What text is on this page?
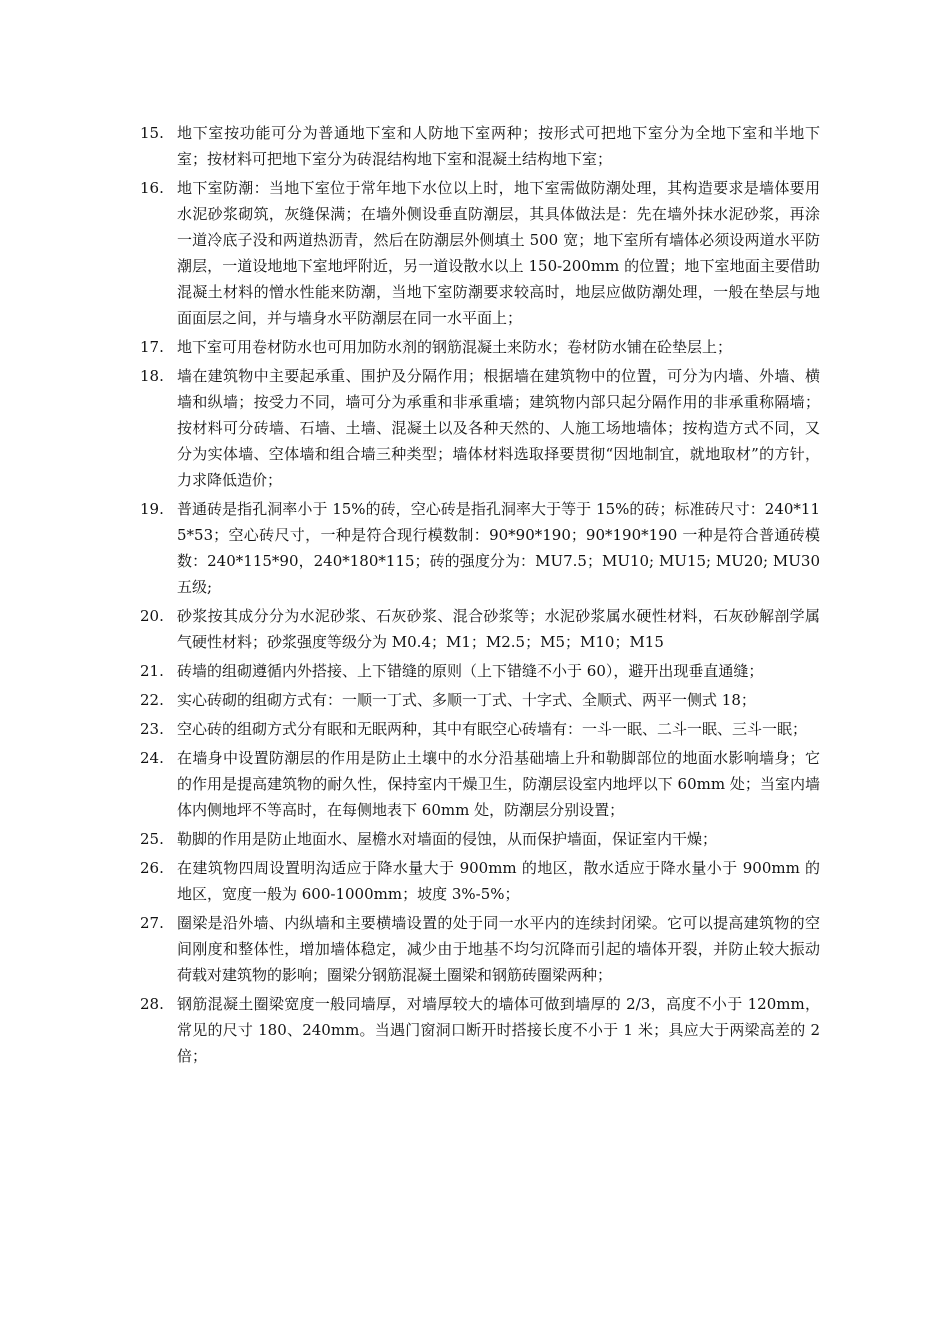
15. 地下室按功能可分为普通地下室和人防地下室两种；按形式可把地下室分为全地下室和半地下室；按材料可把地下室分为砖混结构地下室和混凝土结构地下室；
16. 地下室防潮：当地下室位于常年地下水位以上时，地下室需做防潮处理，其构造要求是墙体要用水泥砂浆砌筑，灰缝保满；在墙外侧设垂直防潮层，其具体做法是：先在墙外抹水泥砂浆，再涂一道冷底子没和两道热沥青，然后在防潮层外侧填土 500 宽；地下室所有墙体必须设两道水平防潮层，一道设地地下室地坪附近，另一道设散水以上 150-200mm 的位置；地下室地面主要借助混凝土材料的憎水性能来防潮，当地下室防潮要求较高时，地层应做防潮处理，一般在垫层与地面面层之间，并与墙身水平防潮层在同一水平面上；
17. 地下室可用卷材防水也可用加防水剂的钢筋混凝土来防水；卷材防水铺在砼垫层上；
18. 墙在建筑物中主要起承重、围护及分隔作用；根据墙在建筑物中的位置，可分为内墙、外墙、横墙和纵墙；按受力不同，墙可分为承重和非承重墙；建筑物内部只起分隔作用的非承重称隔墙；按材料可分砖墙、石墙、土墙、混凝土以及各种天然的、人施工场地墙体；按构造方式不同，又分为实体墙、空体墙和组合墙三种类型；墙体材料选取择要贯彻“因地制宜，就地取材”的方针，力求降低造价；
19. 普通砖是指孔洞率小于 15%的砖，空心砖是指孔洞率大于等于 15%的砖；标准砖尺寸：240*115*53；空心砖尺寸，一种是符合现行模数制：90*90*190；90*190*190 一种是符合普通砖模数：240*115*90，240*180*115；砖的强度分为：MU7.5；MU10; MU15; MU20; MU30 五级;
20. 砂浆按其成分分为水泥砂浆、石灰砂浆、混合砂浆等；水泥砂浆属水硬性材料，石灰砂解剖学属气硬性材料；砂浆强度等级分为 M0.4；M1；M2.5；M5；M10；M15
21. 砖墙的组砌遵循内外搭接、上下错缝的原则（上下错缝不小于 60），避开出现垂直通缝；
22. 实心砖砌的组砌方式有：一顺一丁式、多顺一丁式、十字式、全顺式、两平一侧式 18；
23. 空心砖的组砌方式分有眠和无眠两种，其中有眠空心砖墙有：一斗一眠、二斗一眠、三斗一眠；
24. 在墙身中设置防潮层的作用是防止土壤中的水分沿基础墙上升和勒脚部位的地面水影响墙身；它的作用是提高建筑物的耐久性，保持室内干燥卫生，防潮层设室内地坪以下 60mm 处；当室内墙体内侧地坪不等高时，在每侧地表下 60mm 处，防潮层分别设置；
25. 勒脚的作用是防止地面水、屋檐水对墙面的侵蚀，从而保护墙面，保证室内干燥；
26. 在建筑物四周设置明沟适应于降水量大于 900mm 的地区，散水适应于降水量小于 900mm 的地区，宽度一般为 600-1000mm；坡度 3%-5%；
27. 圈梁是沿外墙、内纵墙和主要横墙设置的处于同一水平内的连续封闭梁。它可以提高建筑物的空间刚度和整体性，增加墙体稳定，减少由于地基不均匀沉降而引起的墙体开裂，并防止较大振动荷载对建筑物的影响；圈梁分钢筋混凝土圈梁和钢筋砖圈梁两种；
28. 钢筋混凝土圈梁宽度一般同墙厚，对墙厚较大的墙体可做到墙厚的 2/3，高度不小于 120mm，常见的尺寸 180、240mm。当遇门窗洞口断开时搭接长度不小于 1 米；具应大于两梁高差的 2 倍；
